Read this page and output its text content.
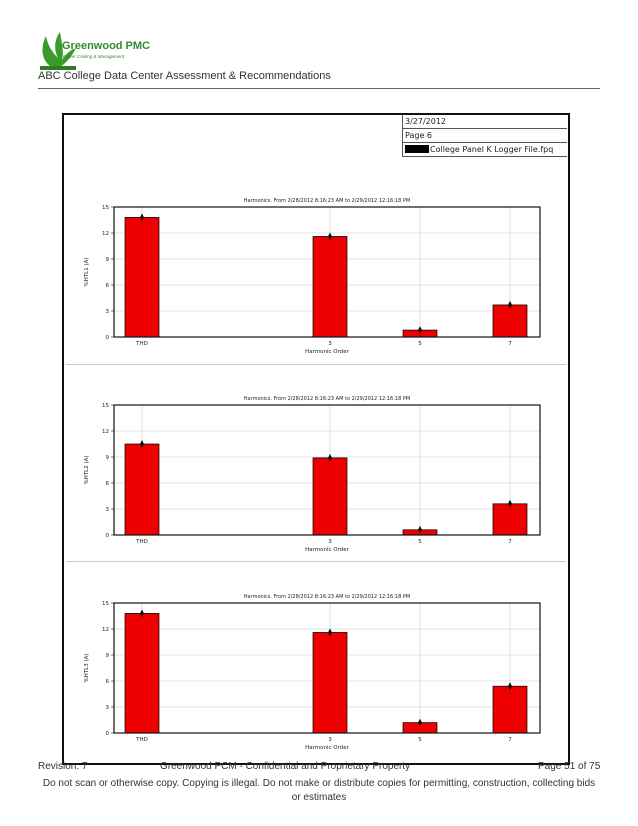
Greenwood PMC
Power Cooling & Management
ABC College Data Center Assessment & Recommendations
3/27/2012
Page 6
College Panel K Logger File.fpq
Harmonics. From 2/28/2012 8:16:23 AM to 2/29/2012 12:16:18 PM
0
3
6
9
12
15
THD	3	5	7
Harmonic Order
%HTL1 (A)
Harmonics. From 2/28/2012 8:16:23 AM to 2/29/2012 12:16:18 PM
0
3
6
9
12
15
THD	3	5	7
Harmonic Order
%HTL2 (A)
Harmonics. From 2/28/2012 8:16:23 AM to 2/29/2012 12:16:18 PM
0
3
6
9
12
15
THD	3	5	7
Harmonic Order
%HTL3 (A)
Revision: 7	Greenwood PCM - Confidential and Proprietary Property	Page 51 of 75
Do not scan or otherwise copy. Copying is illegal. Do not make or distribute copies for permitting, construction, collecting bids or estimates
